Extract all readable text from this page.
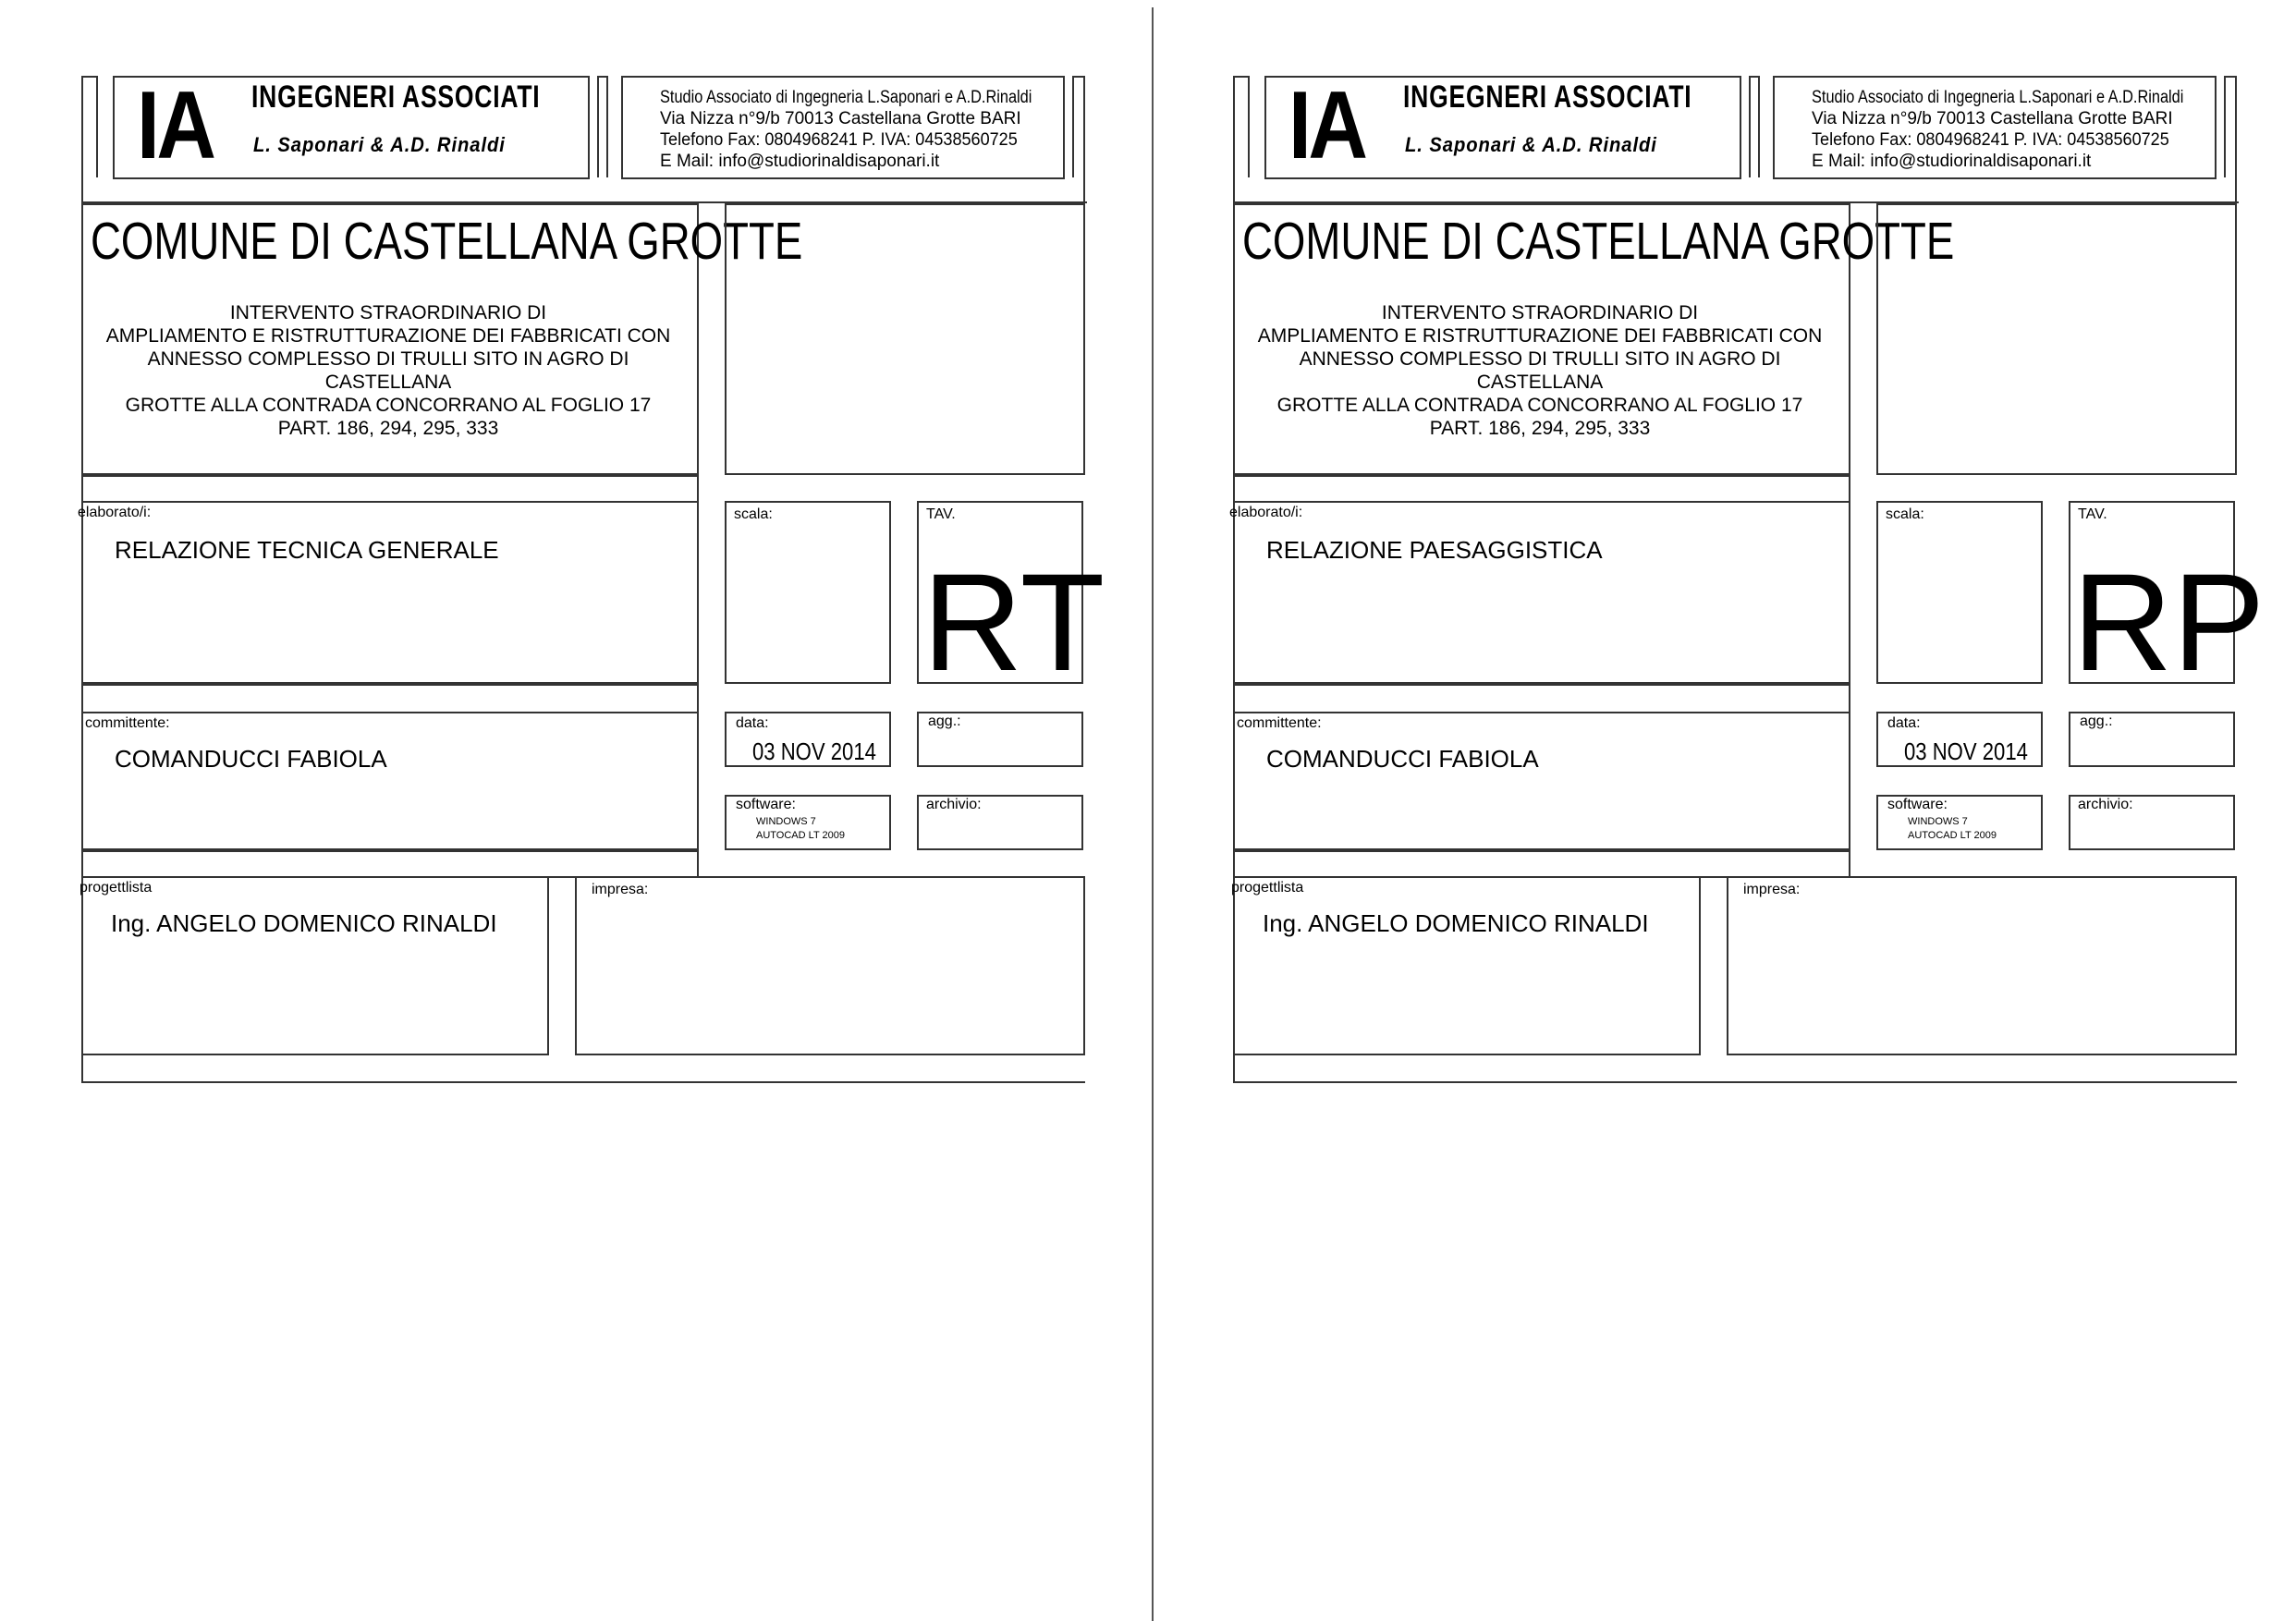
IA INGEGNERI ASSOCIATI
L. Saponari & A.D. Rinaldi
Studio Associato di Ingegneria L.Saponari e A.D.Rinaldi
Via Nizza n°9/b 70013 Castellana Grotte BARI
Telefono Fax: 0804968241 P. IVA: 04538560725
E Mail: info@studiorinaldisaponari.it
COMUNE DI CASTELLANA GROTTE
INTERVENTO STRAORDINARIO DI
AMPLIAMENTO E RISTRUTTURAZIONE DEI FABBRICATI CON
ANNESSO COMPLESSO DI TRULLI SITO IN AGRO DI
CASTELLANA
GROTTE ALLA CONTRADA CONCORRANO AL FOGLIO 17
PART. 186, 294, 295, 333
elaborato/i:
RELAZIONE TECNICA GENERALE
scala:	TAV.
RT
committente:
COMANDUCCI FABIOLA
data:
03 NOV 2014
agg.:
software:
WINDOWS 7
AUTOCAD LT 2009
archivio:
progettlista
Ing. ANGELO DOMENICO RINALDI
impresa:
IA INGEGNERI ASSOCIATI
L. Saponari & A.D. Rinaldi
Studio Associato di Ingegneria L.Saponari e A.D.Rinaldi
Via Nizza n°9/b 70013 Castellana Grotte BARI
Telefono Fax: 0804968241 P. IVA: 04538560725
E Mail: info@studiorinaldisaponari.it
COMUNE DI CASTELLANA GROTTE
INTERVENTO STRAORDINARIO DI
AMPLIAMENTO E RISTRUTTURAZIONE DEI FABBRICATI CON
ANNESSO COMPLESSO DI TRULLI SITO IN AGRO DI
CASTELLANA
GROTTE ALLA CONTRADA CONCORRANO AL FOGLIO 17
PART. 186, 294, 295, 333
elaborato/i:
RELAZIONE PAESAGGISTICA
scala:	TAV.
RP
committente:
COMANDUCCI FABIOLA
data:
03 NOV 2014
agg.:
software:
WINDOWS 7
AUTOCAD LT 2009
archivio:
progettlista
Ing. ANGELO DOMENICO RINALDI
impresa:
